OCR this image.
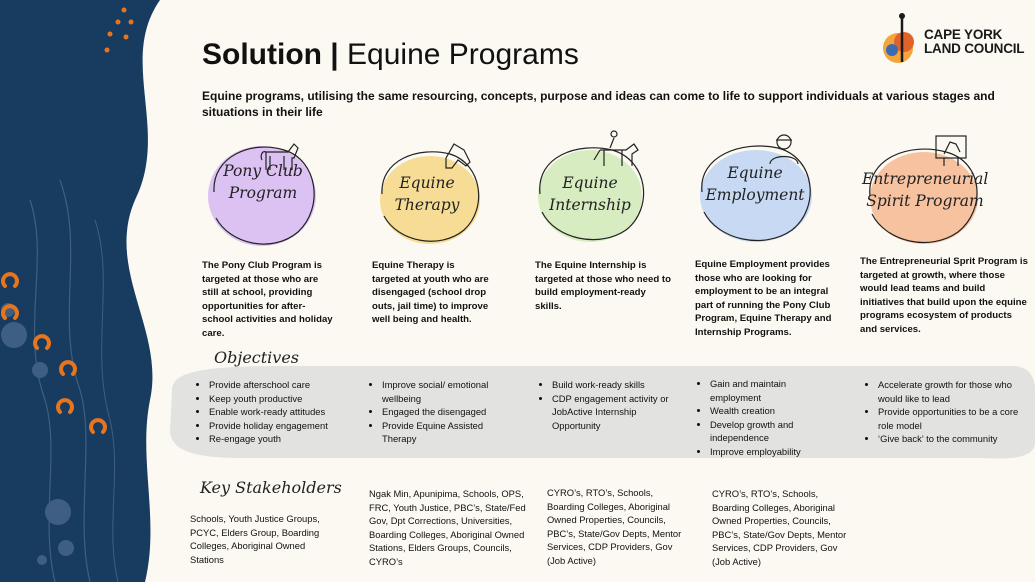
CAPE YORK
LAND COUNCIL
Solution | Equine Programs
Equine programs, utilising the same resourcing, concepts, purpose and ideas can come to life to support individuals at various stages and situations in their life
Pony Club
Program
Equine
Therapy
Equine
Internship
Equine
Employment
Entrepreneurial
Spirit Program
The Pony Club Program is targeted at those who are still at school, providing opportunities for after-school activities and holiday care.
Equine Therapy is targeted at youth who are disengaged (school drop outs, jail time) to improve well being and health.
The Equine Internship is targeted at those who need to build employment-ready skills.
Equine Employment provides those who are looking for employment to be an integral part of running the Pony Club Program, Equine Therapy and Internship Programs.
The Entrepreneurial Sprit Program is targeted at growth, where those would lead teams and build initiatives that build upon the equine programs ecosystem of products and services.
Objectives
• Provide afterschool care
• Keep youth productive
• Enable work-ready attitudes
• Provide holiday engagement
• Re-engage youth
• Improve social/ emotional wellbeing
• Engaged the disengaged
• Provide Equine Assisted Therapy
• Build work-ready skills
• CDP engagement activity or JobActive Internship Opportunity
• Gain and maintain employment
• Wealth creation
• Develop growth and independence
• Improve employability
• Accelerate growth for those who would like to lead
• Provide opportunities to be a core role model
• ‘Give back’ to the community
Key Stakeholders
Schools, Youth Justice Groups, PCYC, Elders Group, Boarding Colleges, Aboriginal Owned Stations
Ngak Min, Apunipima, Schools, OPS, FRC, Youth Justice, PBC’s, State/Fed Gov, Dpt Corrections, Universities, Boarding Colleges, Aboriginal Owned Stations, Elders Groups, Councils, CYRO’s
CYRO’s, RTO’s, Schools, Boarding Colleges, Aboriginal Owned Properties, Councils, PBC’s, State/Gov Depts, Mentor Services, CDP Providers, Gov (Job Active)
CYRO’s, RTO’s, Schools, Boarding Colleges, Aboriginal Owned Properties, Councils, PBC’s, State/Gov Depts, Mentor Services, CDP Providers, Gov (Job Active)
